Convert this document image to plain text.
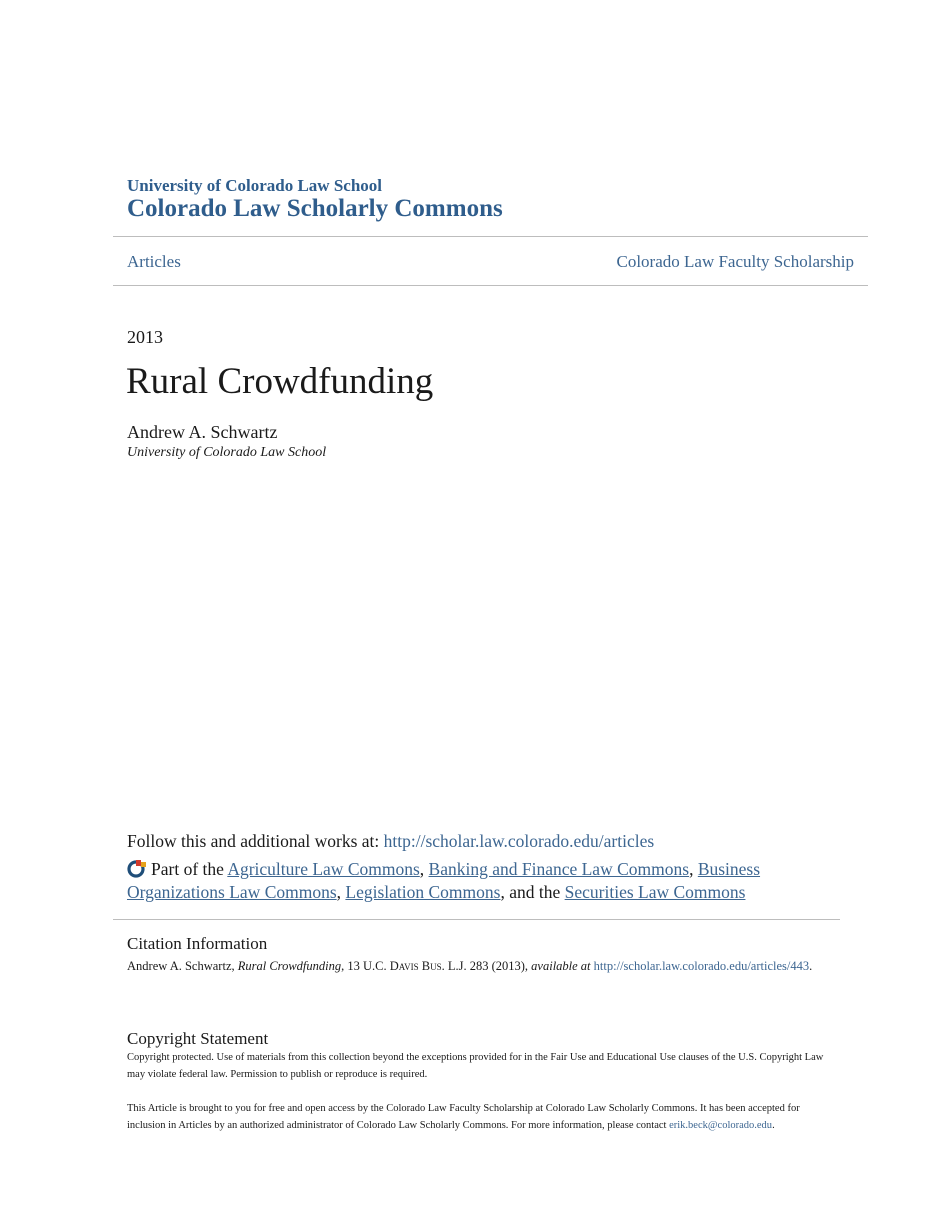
University of Colorado Law School
Colorado Law Scholarly Commons
Articles	Colorado Law Faculty Scholarship
2013
Rural Crowdfunding
Andrew A. Schwartz
University of Colorado Law School
Follow this and additional works at: http://scholar.law.colorado.edu/articles
Part of the Agriculture Law Commons, Banking and Finance Law Commons, Business Organizations Law Commons, Legislation Commons, and the Securities Law Commons
Citation Information
Andrew A. Schwartz, Rural Crowdfunding, 13 U.C. Davis Bus. L.J. 283 (2013), available at http://scholar.law.colorado.edu/articles/443.
Copyright Statement
Copyright protected. Use of materials from this collection beyond the exceptions provided for in the Fair Use and Educational Use clauses of the U.S. Copyright Law may violate federal law. Permission to publish or reproduce is required.
This Article is brought to you for free and open access by the Colorado Law Faculty Scholarship at Colorado Law Scholarly Commons. It has been accepted for inclusion in Articles by an authorized administrator of Colorado Law Scholarly Commons. For more information, please contact erik.beck@colorado.edu.
